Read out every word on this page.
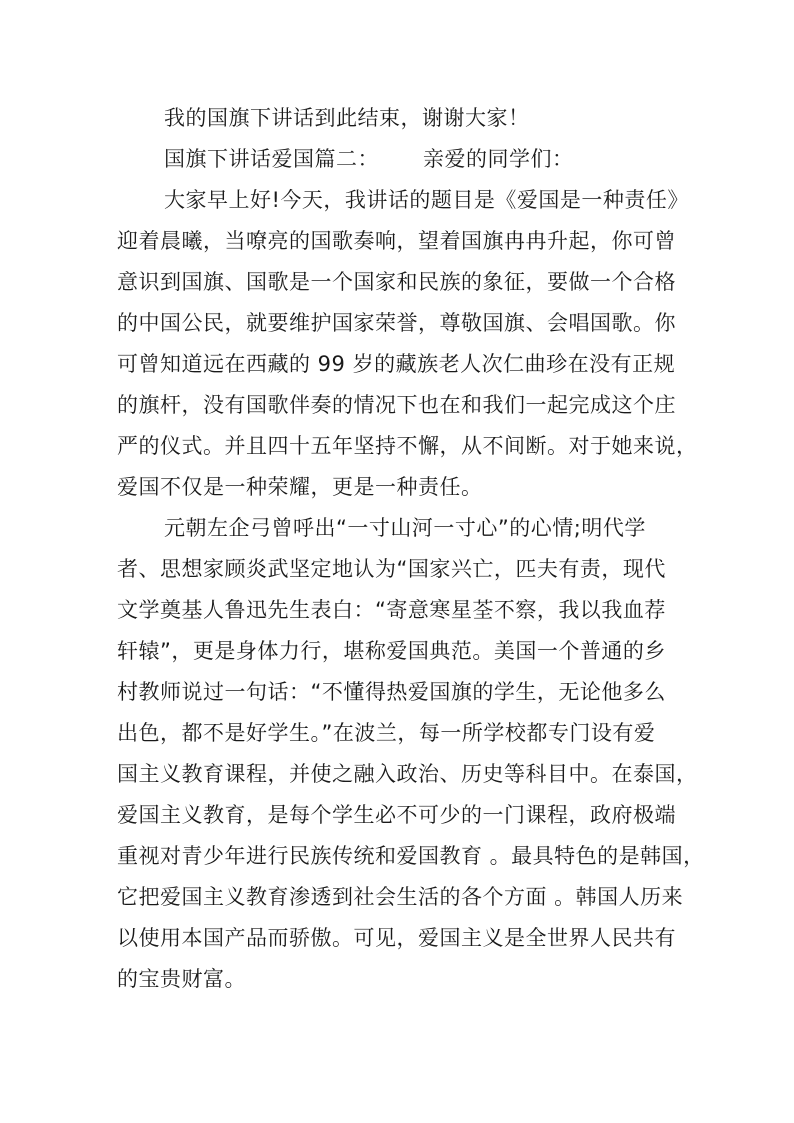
我的国旗下讲话到此结束，谢谢大家！
国旗下讲话爱国篇二： 亲爱的同学们：
大家早上好!今天，我讲话的题目是《爱国是一种责任》
迎着晨曦，当嘹亮的国歌奏响，望着国旗冉冉升起，你可曾
意识到国旗、国歌是一个国家和民族的象征，要做一个合格
的中国公民，就要维护国家荣誉，尊敬国旗、会唱国歌。你
可曾知道远在西藏的 99 岁的藏族老人次仁曲珍在没有正规
的旗杆，没有国歌伴奏的情况下也在和我们一起完成这个庄
严的仪式。并且四十五年坚持不懈，从不间断。对于她来说，
爱国不仅是一种荣耀，更是一种责任。
元朝左企弓曾呼出“一寸山河一寸心”的心情;明代学
者、思想家顾炎武坚定地认为“国家兴亡，匹夫有责，现代
文学奠基人鲁迅先生表白：“寄意寒星荃不察，我以我血荐
轩辕”，更是身体力行，堪称爱国典范。美国一个普通的乡
村教师说过一句话：“不懂得热爱国旗的学生，无论他多么
出色，都不是好学生。”在波兰，每一所学校都专门设有爱
国主义教育课程，并使之融入政治、历史等科目中。在泰国，
爱国主义教育，是每个学生必不可少的一门课程，政府极端
重视对青少年进行民族传统和爱国教育 。最具特色的是韩国，
它把爱国主义教育渗透到社会生活的各个方面 。韩国人历来
以使用本国产品而骄傲。可见，爱国主义是全世界人民共有
的宝贵财富。
